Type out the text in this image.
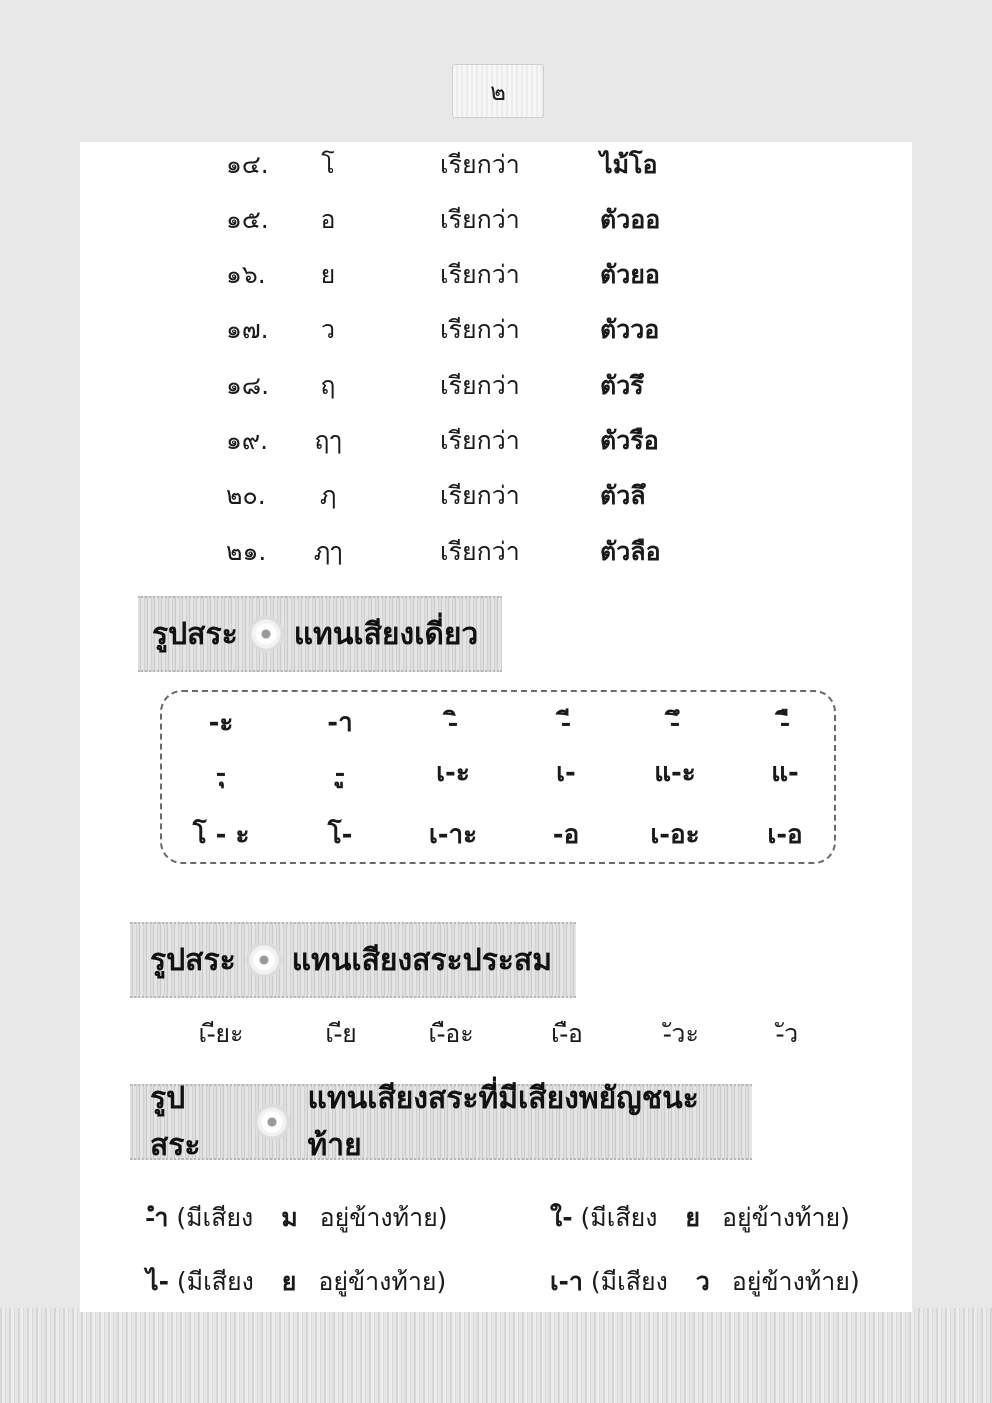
๒
๑๔.	โ	เรียกว่า	ไม้โอ
๑๕.	อ	เรียกว่า	ตัวออ
๑๖.	ย	เรียกว่า	ตัวยอ
๑๗.	ว	เรียกว่า	ตัววอ
๑๘.	ฤ	เรียกว่า	ตัวรึ
๑๙.	ฤๅ	เรียกว่า	ตัวรือ
๒๐.	ฦ	เรียกว่า	ตัวลึ
๒๑.	ฦๅ	เรียกว่า	ตัวลือ
รูปสระ แทนเสียงเดี่ยว
-ะ	-า	-ิ	-ี	-ึ	-ื
-ุ	-ู	เ-ะ	เ-	แ-ะ	แ-
โ - ะ	โ-	เ-าะ	-อ	เ-อะ	เ-อ
รูปสระ แทนเสียงสระประสม
เ-ียะ	เ-ีย	เ-ือะ	เ-ือ	-ัวะ	-ัว
รูปสระ
แทนเสียงสระที่มีเสียงพยัญชนะท้าย
-ำ (มีเสียง ม อยู่ข้างท้าย)	ใ- (มีเสียง ย อยู่ข้างท้าย)
ไ- (มีเสียง ย อยู่ข้างท้าย)	เ-า (มีเสียง ว อยู่ข้างท้าย)
